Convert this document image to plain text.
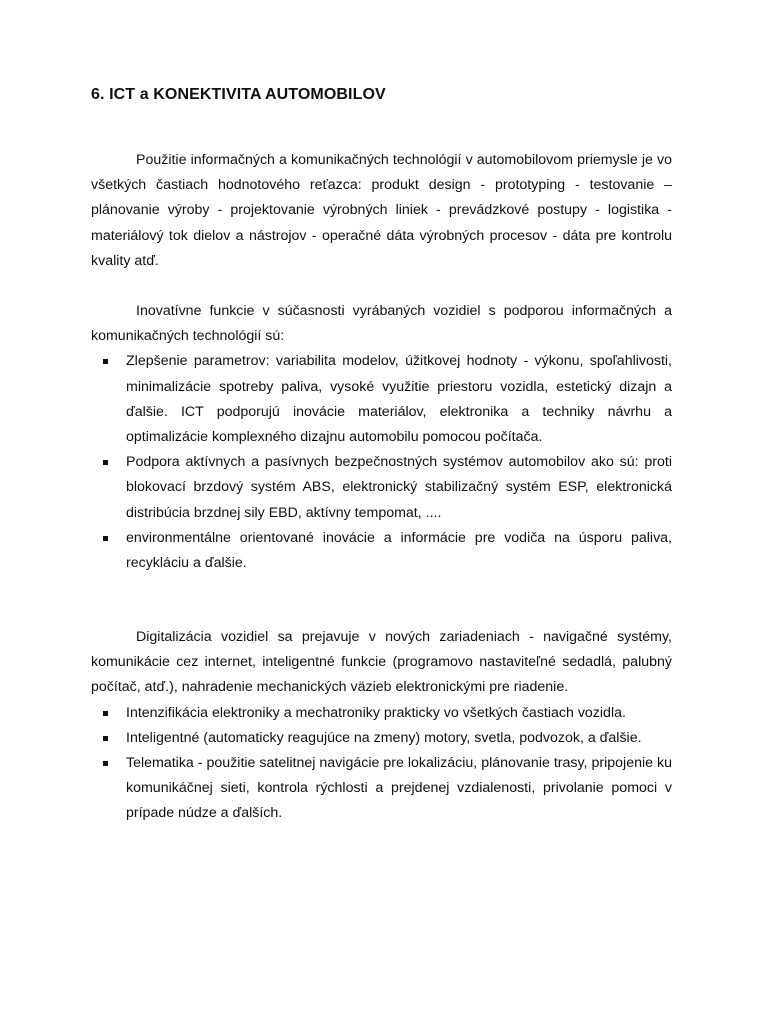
6. ICT a KONEKTIVITA AUTOMOBILOV

Použitie informačných a komunikačných technológií v automobilovom priemysle je vo všetkých častiach hodnotového reťazca: produkt design - prototyping - testovanie – plánovanie výroby - projektovanie výrobných liniek - prevádzkové postupy - logistika - materiálový tok dielov a nástrojov - operačné dáta výrobných procesov - dáta pre kontrolu kvality atď.

Inovatívne funkcie v súčasnosti vyrábaných vozidiel s podporou informačných a komunikačných technológií sú:

Zlepšenie parametrov: variabilita modelov, úžitkovej hodnoty - výkonu, spoľahlivosti, minimalizácie spotreby paliva, vysoké využitie priestoru vozidla, estetický dizajn a ďalšie. ICT podporujú inovácie materiálov, elektronika a techniky návrhu a optimalizácie komplexného dizajnu automobilu pomocou počítača.
Podpora aktívnych a pasívnych bezpečnostných systémov automobilov ako sú: proti blokovací brzdový systém ABS, elektronický stabilizačný systém ESP, elektronická distribúcia brzdnej sily EBD, aktívny tempomat, ....
environmentálne orientované inovácie a informácie pre vodiča na úsporu paliva, recykláciu a ďalšie.

Digitalizácia vozidiel sa prejavuje v nových zariadeniach - navigačné systémy, komunikácie cez internet, inteligentné funkcie (programovo nastaviteľné sedadlá, palubný počítač, atď.), nahradenie mechanických väzieb elektronickými pre riadenie.

Intenzifikácia elektroniky a mechatroniky prakticky vo všetkých častiach vozidla.
Inteligentné (automaticky reagujúce na zmeny) motory, svetla, podvozok, a ďalšie.
Telematika - použitie satelitnej navigácie pre lokalizáciu, plánovanie trasy, pripojenie ku komunikáčnej sieti, kontrola rýchlosti a prejdenej vzdialenosti, privolanie pomoci v prípade núdze a ďalších.
